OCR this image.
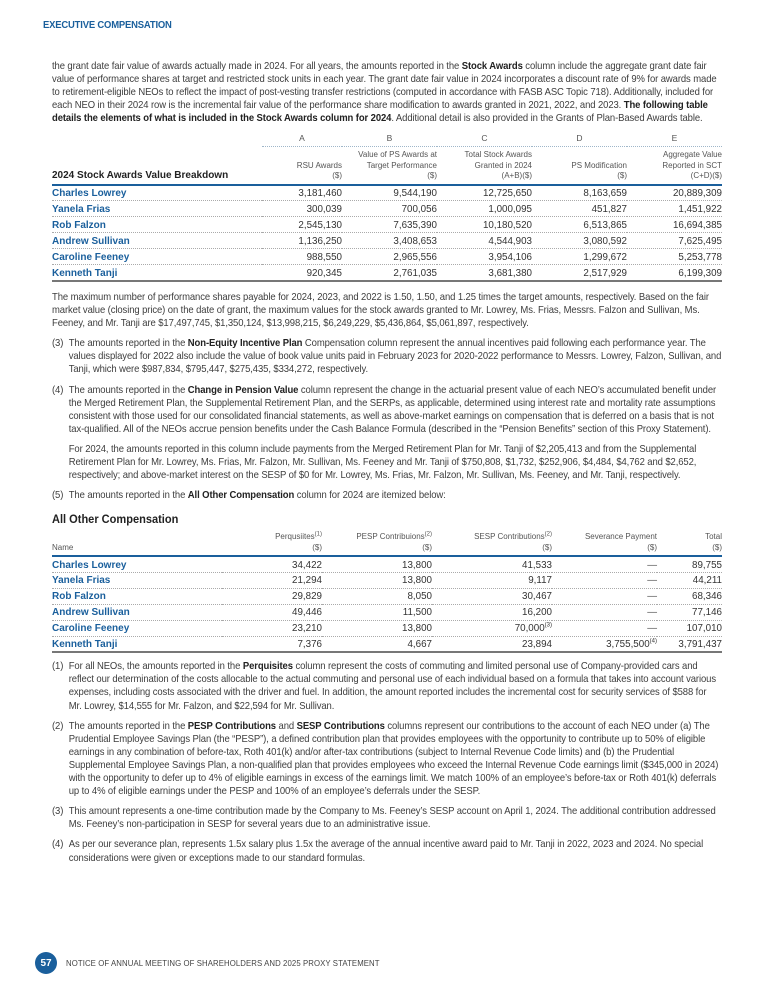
EXECUTIVE COMPENSATION
the grant date fair value of awards actually made in 2024. For all years, the amounts reported in the Stock Awards column include the aggregate grant date fair value of performance shares at target and restricted stock units in each year. The grant date fair value in 2024 incorporates a discount rate of 9% for awards made to retirement-eligible NEOs to reflect the impact of post-vesting transfer restrictions (computed in accordance with FASB ASC Topic 718). Additionally, included for each NEO in their 2024 row is the incremental fair value of the performance share modification to awards granted in 2021, 2022, and 2023. The following table details the elements of what is included in the Stock Awards column for 2024. Additional detail is also provided in the Grants of Plan-Based Awards table.
	A	B	C	D	E
2024 Stock Awards Value Breakdown	
RSU Awards
($)

Value of PS Awards at
Target Performance
($)

Total Stock Awards
Granted in 2024
(A+B)($)

PS Modification
($)

Aggregate Value
Reported in SCT
(C+D)($)

Charles Lowrey	3,181,460	9,544,190	12,725,650	8,163,659	20,889,309
Yanela Frias	300,039	700,056	1,000,095	451,827	1,451,922
Rob Falzon	2,545,130	7,635,390	10,180,520	6,513,865	16,694,385
Andrew Sullivan	1,136,250	3,408,653	4,544,903	3,080,592	7,625,495
Caroline Feeney	988,550	2,965,556	3,954,106	1,299,672	5,253,778
Kenneth Tanji	920,345	2,761,035	3,681,380	2,517,929	6,199,309
The maximum number of performance shares payable for 2024, 2023, and 2022 is 1.50, 1.50, and 1.25 times the target amounts, respectively. Based on the fair market value (closing price) on the date of grant, the maximum values for the stock awards granted to Mr. Lowrey, Ms. Frias, Messrs. Falzon and Sullivan, Ms. Feeney, and Mr. Tanji are $17,497,745, $1,350,124, $13,998,215, $6,249,229, $5,436,864, $5,061,897, respectively.
(3) The amounts reported in the Non-Equity Incentive Plan Compensation column represent the annual incentives paid following each performance year. The values displayed for 2022 also include the value of book value units paid in February 2023 for 2020-2022 performance to Messrs. Lowrey, Falzon, Sullivan, and Tanji, which were $987,834, $795,447, $275,435, $334,272, respectively.
(4) The amounts reported in the Change in Pension Value column represent the change in the actuarial present value of each NEO’s accumulated benefit under the Merged Retirement Plan, the Supplemental Retirement Plan, and the SERPs, as applicable, determined using interest rate and mortality rate assumptions consistent with those used for our consolidated financial statements, as well as above-market earnings on compensation that is deferred on a basis that is not tax-qualified. All of the NEOs accrue pension benefits under the Cash Balance Formula (described in the “Pension Benefits” section of this Proxy Statement).
For 2024, the amounts reported in this column include payments from the Merged Retirement Plan for Mr. Tanji of $2,205,413 and from the Supplemental Retirement Plan for Mr. Lowrey, Ms. Frias, Mr. Falzon, Mr. Sullivan, Ms. Feeney and Mr. Tanji of $750,808, $1,732, $252,906, $4,484, $4,762 and $2,652, respectively; and above-market interest on the SESP of $0 for Mr. Lowrey, Ms. Frias, Mr. Falzon, Mr. Sullivan, Ms. Feeney, and Mr. Tanji, respectively.
(5) The amounts reported in the All Other Compensation column for 2024 are itemized below:
All Other Compensation
Name	
Perqusiites$^{(1)}$
($)

PESP Contribuions$^{(2)}$
($)

SESP Contributions$^{(2)}$
($)

Severance Payment
($)

Total
($)

Charles Lowrey	34,422	13,800	41,533	—	89,755
Yanela Frias	21,294	13,800	9,117	—	44,211
Rob Falzon	29,829	8,050	30,467	—	68,346
Andrew Sullivan	49,446	11,500	16,200	—	77,146
Caroline Feeney	23,210	13,800	70,000$^{(3)}$	—	107,010
Kenneth Tanji	7,376	4,667	23,894	3,755,500$^{(4)}$	3,791,437
(1) For all NEOs, the amounts reported in the Perquisites column represent the costs of commuting and limited personal use of Company-provided cars and reflect our determination of the costs allocable to the actual commuting and personal use of each individual based on a formula that takes into account various expenses, including costs associated with the driver and fuel. In addition, the amount reported includes the incremental cost for security services of $588 for Mr. Lowrey, $14,555 for Mr. Falzon, and $22,594 for Mr. Sullivan.
(2) The amounts reported in the PESP Contributions and SESP Contributions columns represent our contributions to the account of each NEO under (a) The Prudential Employee Savings Plan (the “PESP”), a defined contribution plan that provides employees with the opportunity to contribute up to 50% of eligible earnings in any combination of before-tax, Roth 401(k) and/or after-tax contributions (subject to Internal Revenue Code limits) and (b) the Prudential Supplemental Employee Savings Plan, a non-qualified plan that provides employees who exceed the Internal Revenue Code earnings limit ($345,000 in 2024) with the opportunity to defer up to 4% of eligible earnings in excess of the earnings limit. We match 100% of an employee’s before-tax or Roth 401(k) deferrals up to 4% of eligible earnings under the PESP and 100% of an employee’s deferrals under the SESP.
(3) This amount represents a one-time contribution made by the Company to Ms. Feeney’s SESP account on April 1, 2024. The additional contribution addressed Ms. Feeney’s non-participation in SESP for several years due to an administrative issue.
(4) As per our severance plan, represents 1.5x salary plus 1.5x the average of the annual incentive award paid to Mr. Tanji in 2022, 2023 and 2024. No special considerations were given or exceptions made to our standard formulas.
57	NOTICE OF ANNUAL MEETING OF SHAREHOLDERS AND 2025 PROXY STATEMENT
